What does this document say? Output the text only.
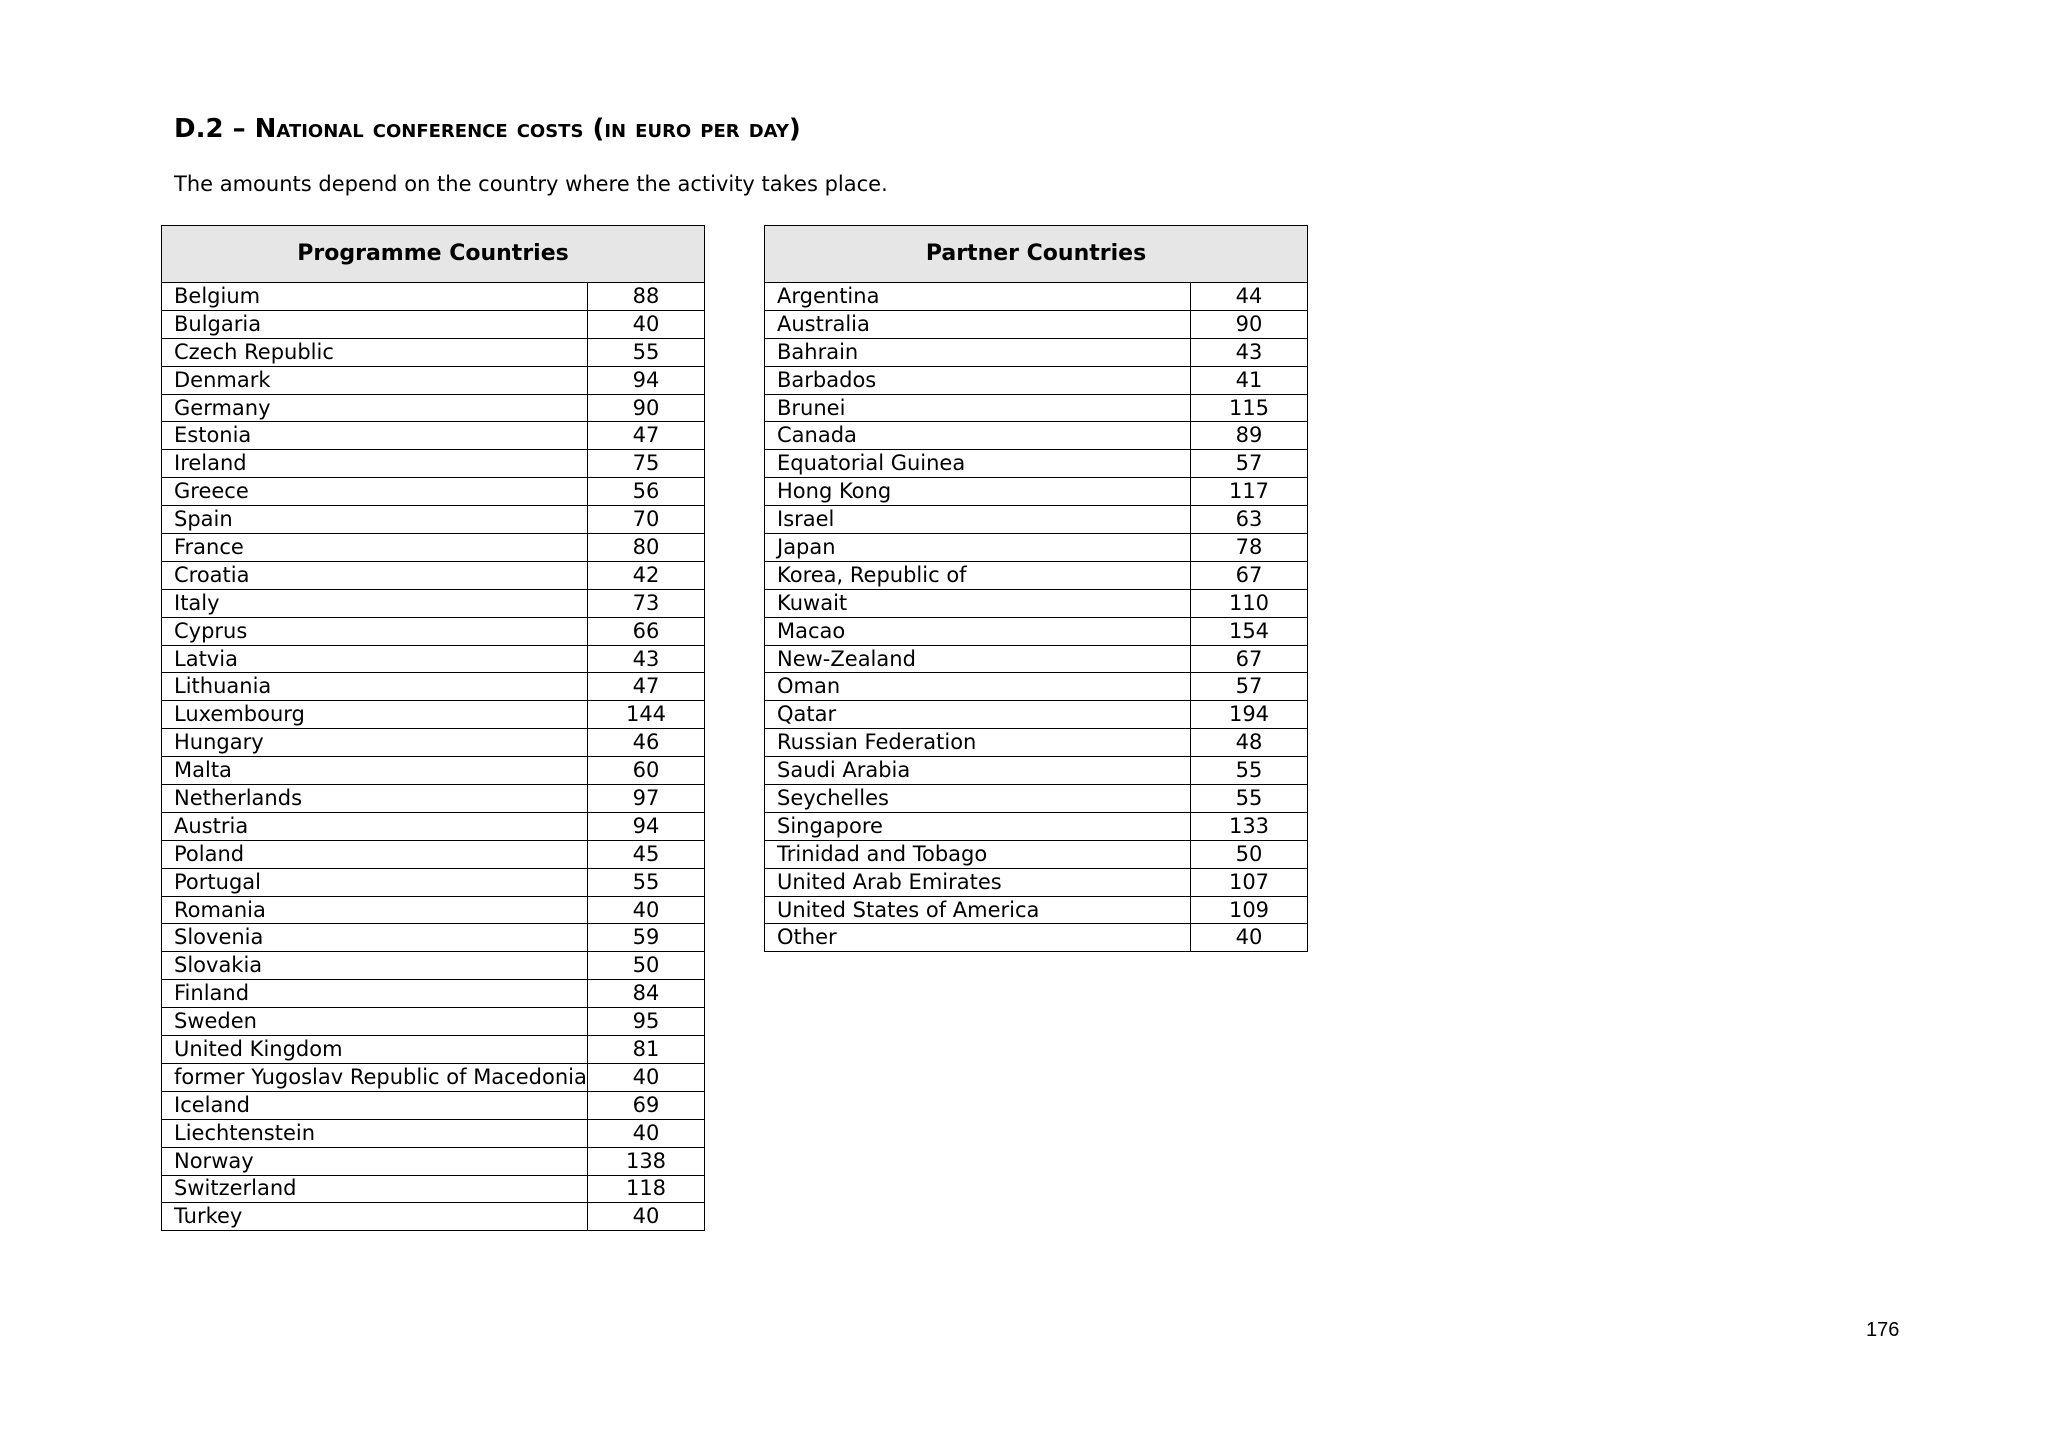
D.2 – National conference costs (in euro per day)
The amounts depend on the country where the activity takes place.
Programme Countries	
Belgium	88
Bulgaria	40
Czech Republic	55
Denmark	94
Germany	90
Estonia	47
Ireland	75
Greece	56
Spain	70
France	80
Croatia	42
Italy	73
Cyprus	66
Latvia	43
Lithuania	47
Luxembourg	144
Hungary	46
Malta	60
Netherlands	97
Austria	94
Poland	45
Portugal	55
Romania	40
Slovenia	59
Slovakia	50
Finland	84
Sweden	95
United Kingdom	81
former Yugoslav Republic of Macedonia	40
Iceland	69
Liechtenstein	40
Norway	138
Switzerland	118
Turkey	40
Partner Countries	
Argentina	44
Australia	90
Bahrain	43
Barbados	41
Brunei	115
Canada	89
Equatorial Guinea	57
Hong Kong	117
Israel	63
Japan	78
Korea, Republic of	67
Kuwait	110
Macao	154
New-Zealand	67
Oman	57
Qatar	194
Russian Federation	48
Saudi Arabia	55
Seychelles	55
Singapore	133
Trinidad and Tobago	50
United Arab Emirates	107
United States of America	109
Other	40
176
